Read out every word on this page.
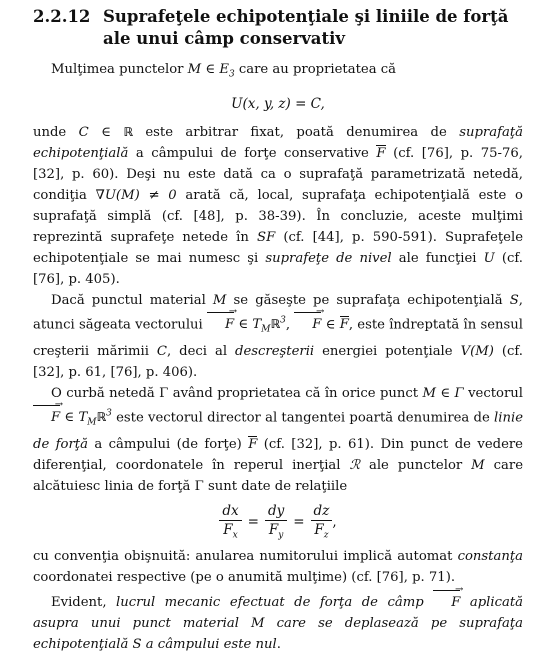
2.2.12 Suprafeţele echipotenţiale şi liniile de forţă ale unui câmp conservativ

Mulţimea punctelor M ∈ $E_3$ care au proprietatea că

U(x, y, z) = C,

unde C ∈ ℝ este arbitrar fixat, poată denumirea de suprafaţă echipotenţială a câmpului de forţe conservative F (cf. [76], p. 75-76, [32], p. 60). Deşi nu este dată ca o suprafaţă parametrizată netedă, condiţia ∇U(M) ≠ 0 arată că, local, suprafaţa echipotenţială este o suprafaţă simplă (cf. [48], p. 38-39). În concluzie, aceste mulţimi reprezintă suprafeţe netede în SF (cf. [44], p. 590-591). Suprafeţele echipotenţiale se mai numesc şi suprafeţe de nivel ale funcţiei U (cf. [76], p. 405).

Dacă punctul material M se găseşte pe suprafaţa echipotenţială S, atunci săgeata vectorului F → ∈ $T_Mℝ^3$, F → ∈ F, este îndreptată în sensul creşterii mărimii C, deci al descreşterii energiei potenţiale V(M) (cf. [32], p. 61, [76], p. 406).

O curbă netedă Γ având proprietatea că în orice punct M ∈ Γ vectorul F → ∈ $T_Mℝ^3$ este vectorul director al tangentei poartă denumirea de linie de forţă a câmpului (de forţe) F (cf. [32], p. 61). Din punct de vedere diferenţial, coordonatele în reperul inerţial ℛ ale punctelor M care alcătuiesc linia de forţă Γ sunt date de relaţiile

$\frac{dx}{F_x} = \frac{dy}{F_y} = \frac{dz}{F_z}$ ,

cu convenţia obişnuită: anularea numitorului implică automat constanţa coordonatei respective (pe o anumită mulţime) (cf. [76], p. 71).

Evident, lucrul mecanic efectuat de forţa de câmp F → aplicată asupra unui punct material M care se deplasează pe suprafaţa echipotenţială S a câmpului este nul.
